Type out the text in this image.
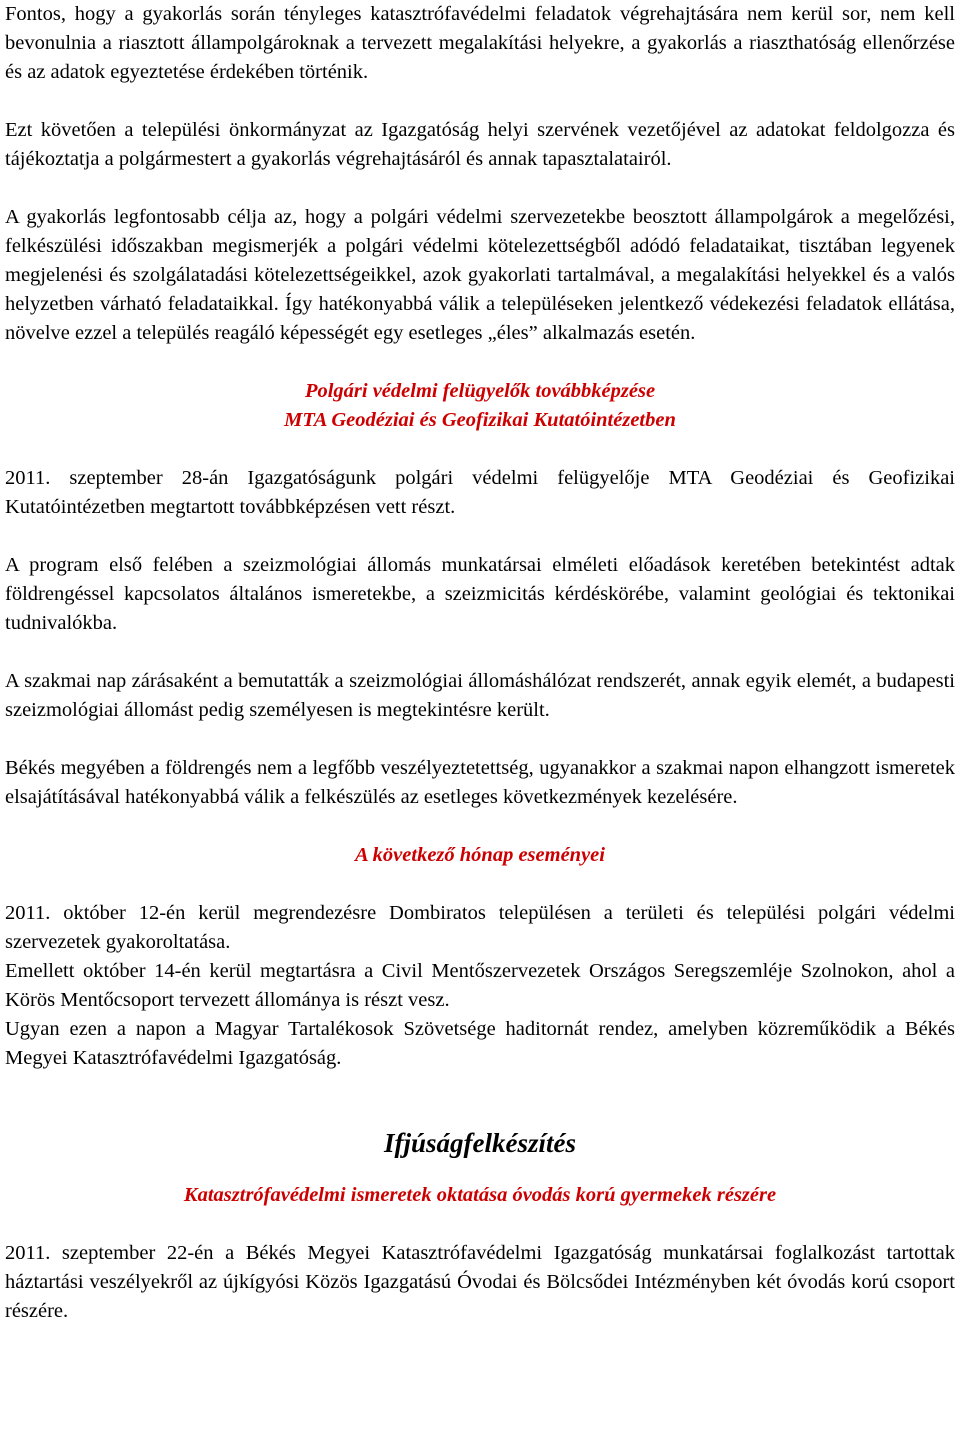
Fontos, hogy a gyakorlás során tényleges katasztrófavédelmi feladatok végrehajtására nem kerül sor, nem kell bevonulnia a riasztott állampolgároknak a tervezett megalakítási helyekre, a gyakorlás a riaszthatóság ellenőrzése és az adatok egyeztetése érdekében történik.

Ezt követően a települési önkormányzat az Igazgatóság helyi szervének vezetőjével az adatokat feldolgozza és tájékoztatja a polgármestert a gyakorlás végrehajtásáról és annak tapasztalatairól.

A gyakorlás legfontosabb célja az, hogy a polgári védelmi szervezetekbe beosztott állampolgárok a megelőzési, felkészülési időszakban megismerjék a polgári védelmi kötelezettségből adódó feladataikat, tisztában legyenek megjelenési és szolgálatadási kötelezettségeikkel, azok gyakorlati tartalmával, a megalakítási helyekkel és a valós helyzetben várható feladataikkal. Így hatékonyabbá válik a településeken jelentkező védekezési feladatok ellátása, növelve ezzel a település reagáló képességét egy esetleges „éles” alkalmazás esetén.

Polgári védelmi felügyelők továbbképzése
MTA Geodéziai és Geofizikai Kutatóintézetben

2011. szeptember 28-án Igazgatóságunk polgári védelmi felügyelője MTA Geodéziai és Geofizikai Kutatóintézetben megtartott továbbképzésen vett részt.

A program első felében a szeizmológiai állomás munkatársai elméleti előadások keretében betekintést adtak földrengéssel kapcsolatos általános ismeretekbe, a szeizmicitás kérdéskörébe, valamint geológiai és tektonikai tudnivalókba.

A szakmai nap zárásaként a bemutatták a szeizmológiai állomáshálózat rendszerét, annak egyik elemét, a budapesti szeizmológiai állomást pedig személyesen is megtekintésre került.

Békés megyében a földrengés nem a legfőbb veszélyeztetettség, ugyanakkor a szakmai napon elhangzott ismeretek elsajátításával hatékonyabbá válik a felkészülés az esetleges következmények kezelésére.

A következő hónap eseményei

2011. október 12-én kerül megrendezésre Dombiratos településen a területi és települési polgári védelmi szervezetek gyakoroltatása.

Emellett október 14-én kerül megtartásra a Civil Mentőszervezetek Országos Seregszemléje Szolnokon, ahol a Körös Mentőcsoport tervezett állománya is részt vesz.

Ugyan ezen a napon a Magyar Tartalékosok Szövetsége haditornát rendez, amelyben közreműködik a Békés Megyei Katasztrófavédelmi Igazgatóság.

Ifjúságfelkészítés
Katasztrófavédelmi ismeretek oktatása óvodás korú gyermekek részére

2011. szeptember 22-én a Békés Megyei Katasztrófavédelmi Igazgatóság munkatársai foglalkozást tartottak háztartási veszélyekről az újkígyósi Közös Igazgatású Óvodai és Bölcsődei Intézményben két óvodás korú csoport részére.
